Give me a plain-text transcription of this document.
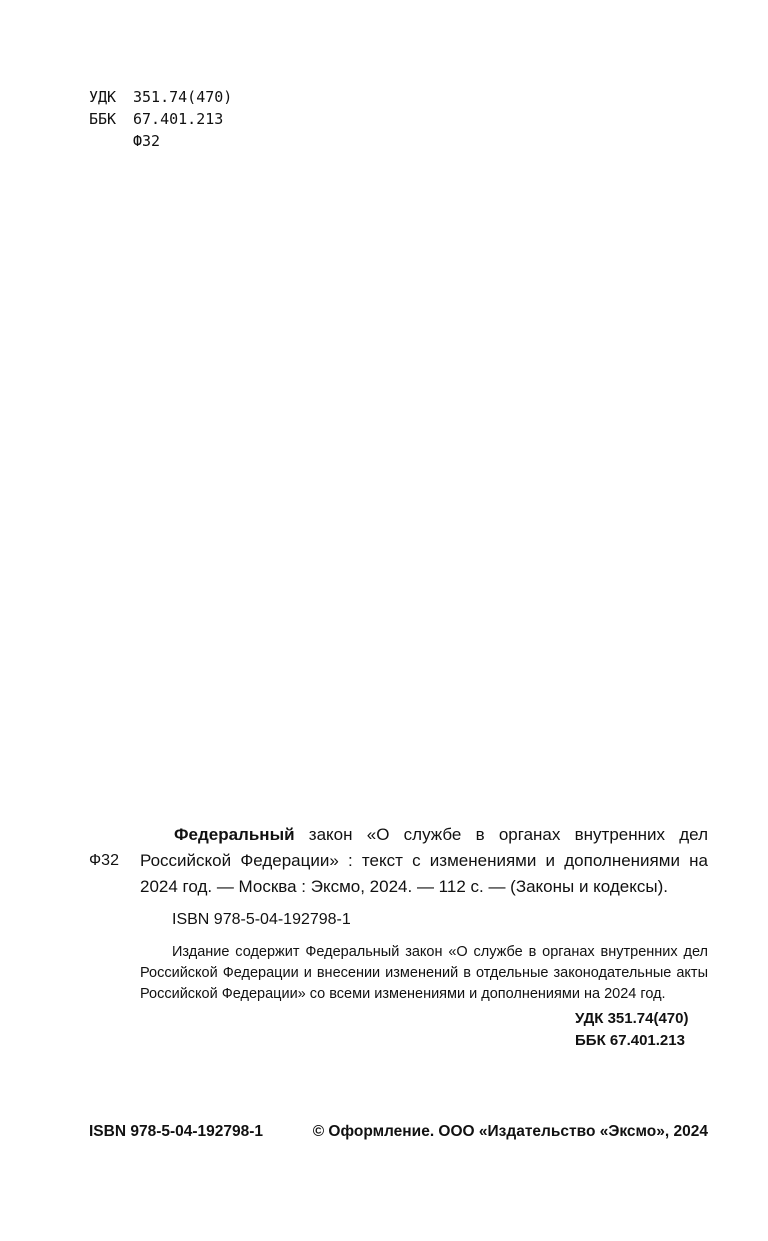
УДК	351.74(470)
ББК	67.401.213
Ф32
Ф32
Федеральный закон «О службе в органах внутренних дел Российской Федерации» : текст с изменениями и дополнениями на 2024 год. — Москва : Эксмо, 2024. — 112 с. — (Законы и кодексы).
ISBN 978-5-04-192798-1

Издание содержит Федеральный закон «О службе в органах внутренних дел Российской Федерации и внесении изменений в отдельные законодательные акты Российской Федерации» со всеми изменениями и дополнениями на 2024 год.

УДК 351.74(470)
ББК 67.401.213
ISBN 978-5-04-192798-1	© Оформление. ООО «Издательство «Эксмо», 2024
